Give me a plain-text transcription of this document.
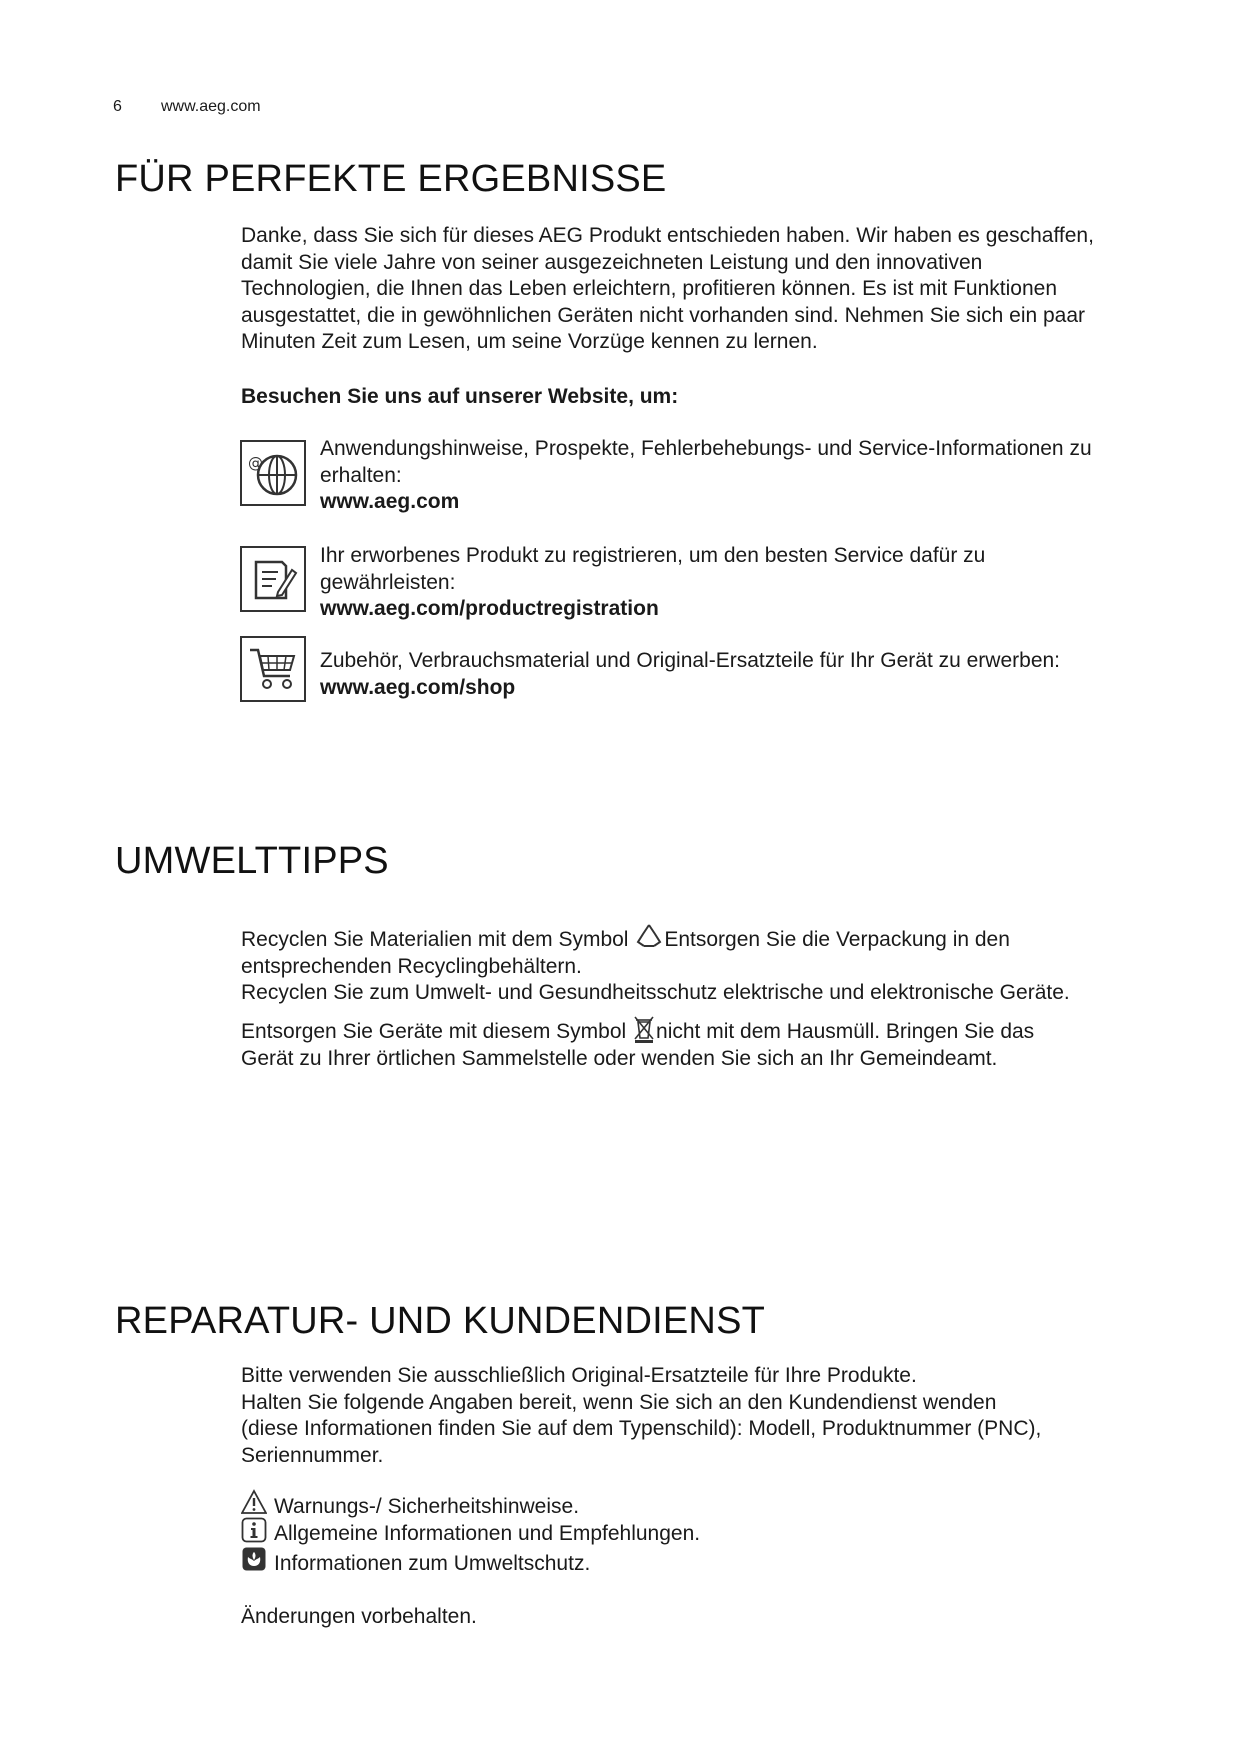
6 www.aeg.com
FÜR PERFEKTE ERGEBNISSE

Danke, dass Sie sich für dieses AEG Produkt entschieden haben. Wir haben es geschaffen,

damit Sie viele Jahre von seiner ausgezeichneten Leistung und den innovativen

Technologien, die Ihnen das Leben erleichtern, profitieren können. Es ist mit Funktionen

ausgestattet, die in gewöhnlichen Geräten nicht vorhanden sind. Nehmen Sie sich ein paar

Minuten Zeit zum Lesen, um seine Vorzüge kennen zu lernen.

Besuchen Sie uns auf unserer Website, um:
@

Anwendungshinweise, Prospekte, Fehlerbehebungs- und Service-Informationen zu

erhalten:

www.aeg.com

Ihr erworbenes Produkt zu registrieren, um den besten Service dafür zu

gewährleisten:

www.aeg.com/productregistration

Zubehör, Verbrauchsmaterial und Original-Ersatzteile für Ihr Gerät zu erwerben:

www.aeg.com/shop

UMWELTTIPPS

Recyclen Sie Materialien mit dem Symbol Entsorgen Sie die Verpackung in den

entsprechenden Recyclingbehältern.

Recyclen Sie zum Umwelt- und Gesundheitsschutz elektrische und elektronische Geräte.

Entsorgen Sie Geräte mit diesem Symbol nicht mit dem Hausmüll. Bringen Sie das

Gerät zu Ihrer örtlichen Sammelstelle oder wenden Sie sich an Ihr Gemeindeamt.

REPARATUR- UND KUNDENDIENST

Bitte verwenden Sie ausschließlich Original-Ersatzteile für Ihre Produkte.

Halten Sie folgende Angaben bereit, wenn Sie sich an den Kundendienst wenden

(diese Informationen finden Sie auf dem Typenschild): Modell, Produktnummer (PNC),

Seriennummer.

Warnungs-/ Sicherheitshinweise.
Allgemeine Informationen und Empfehlungen.
Informationen zum Umweltschutz.
Änderungen vorbehalten.
